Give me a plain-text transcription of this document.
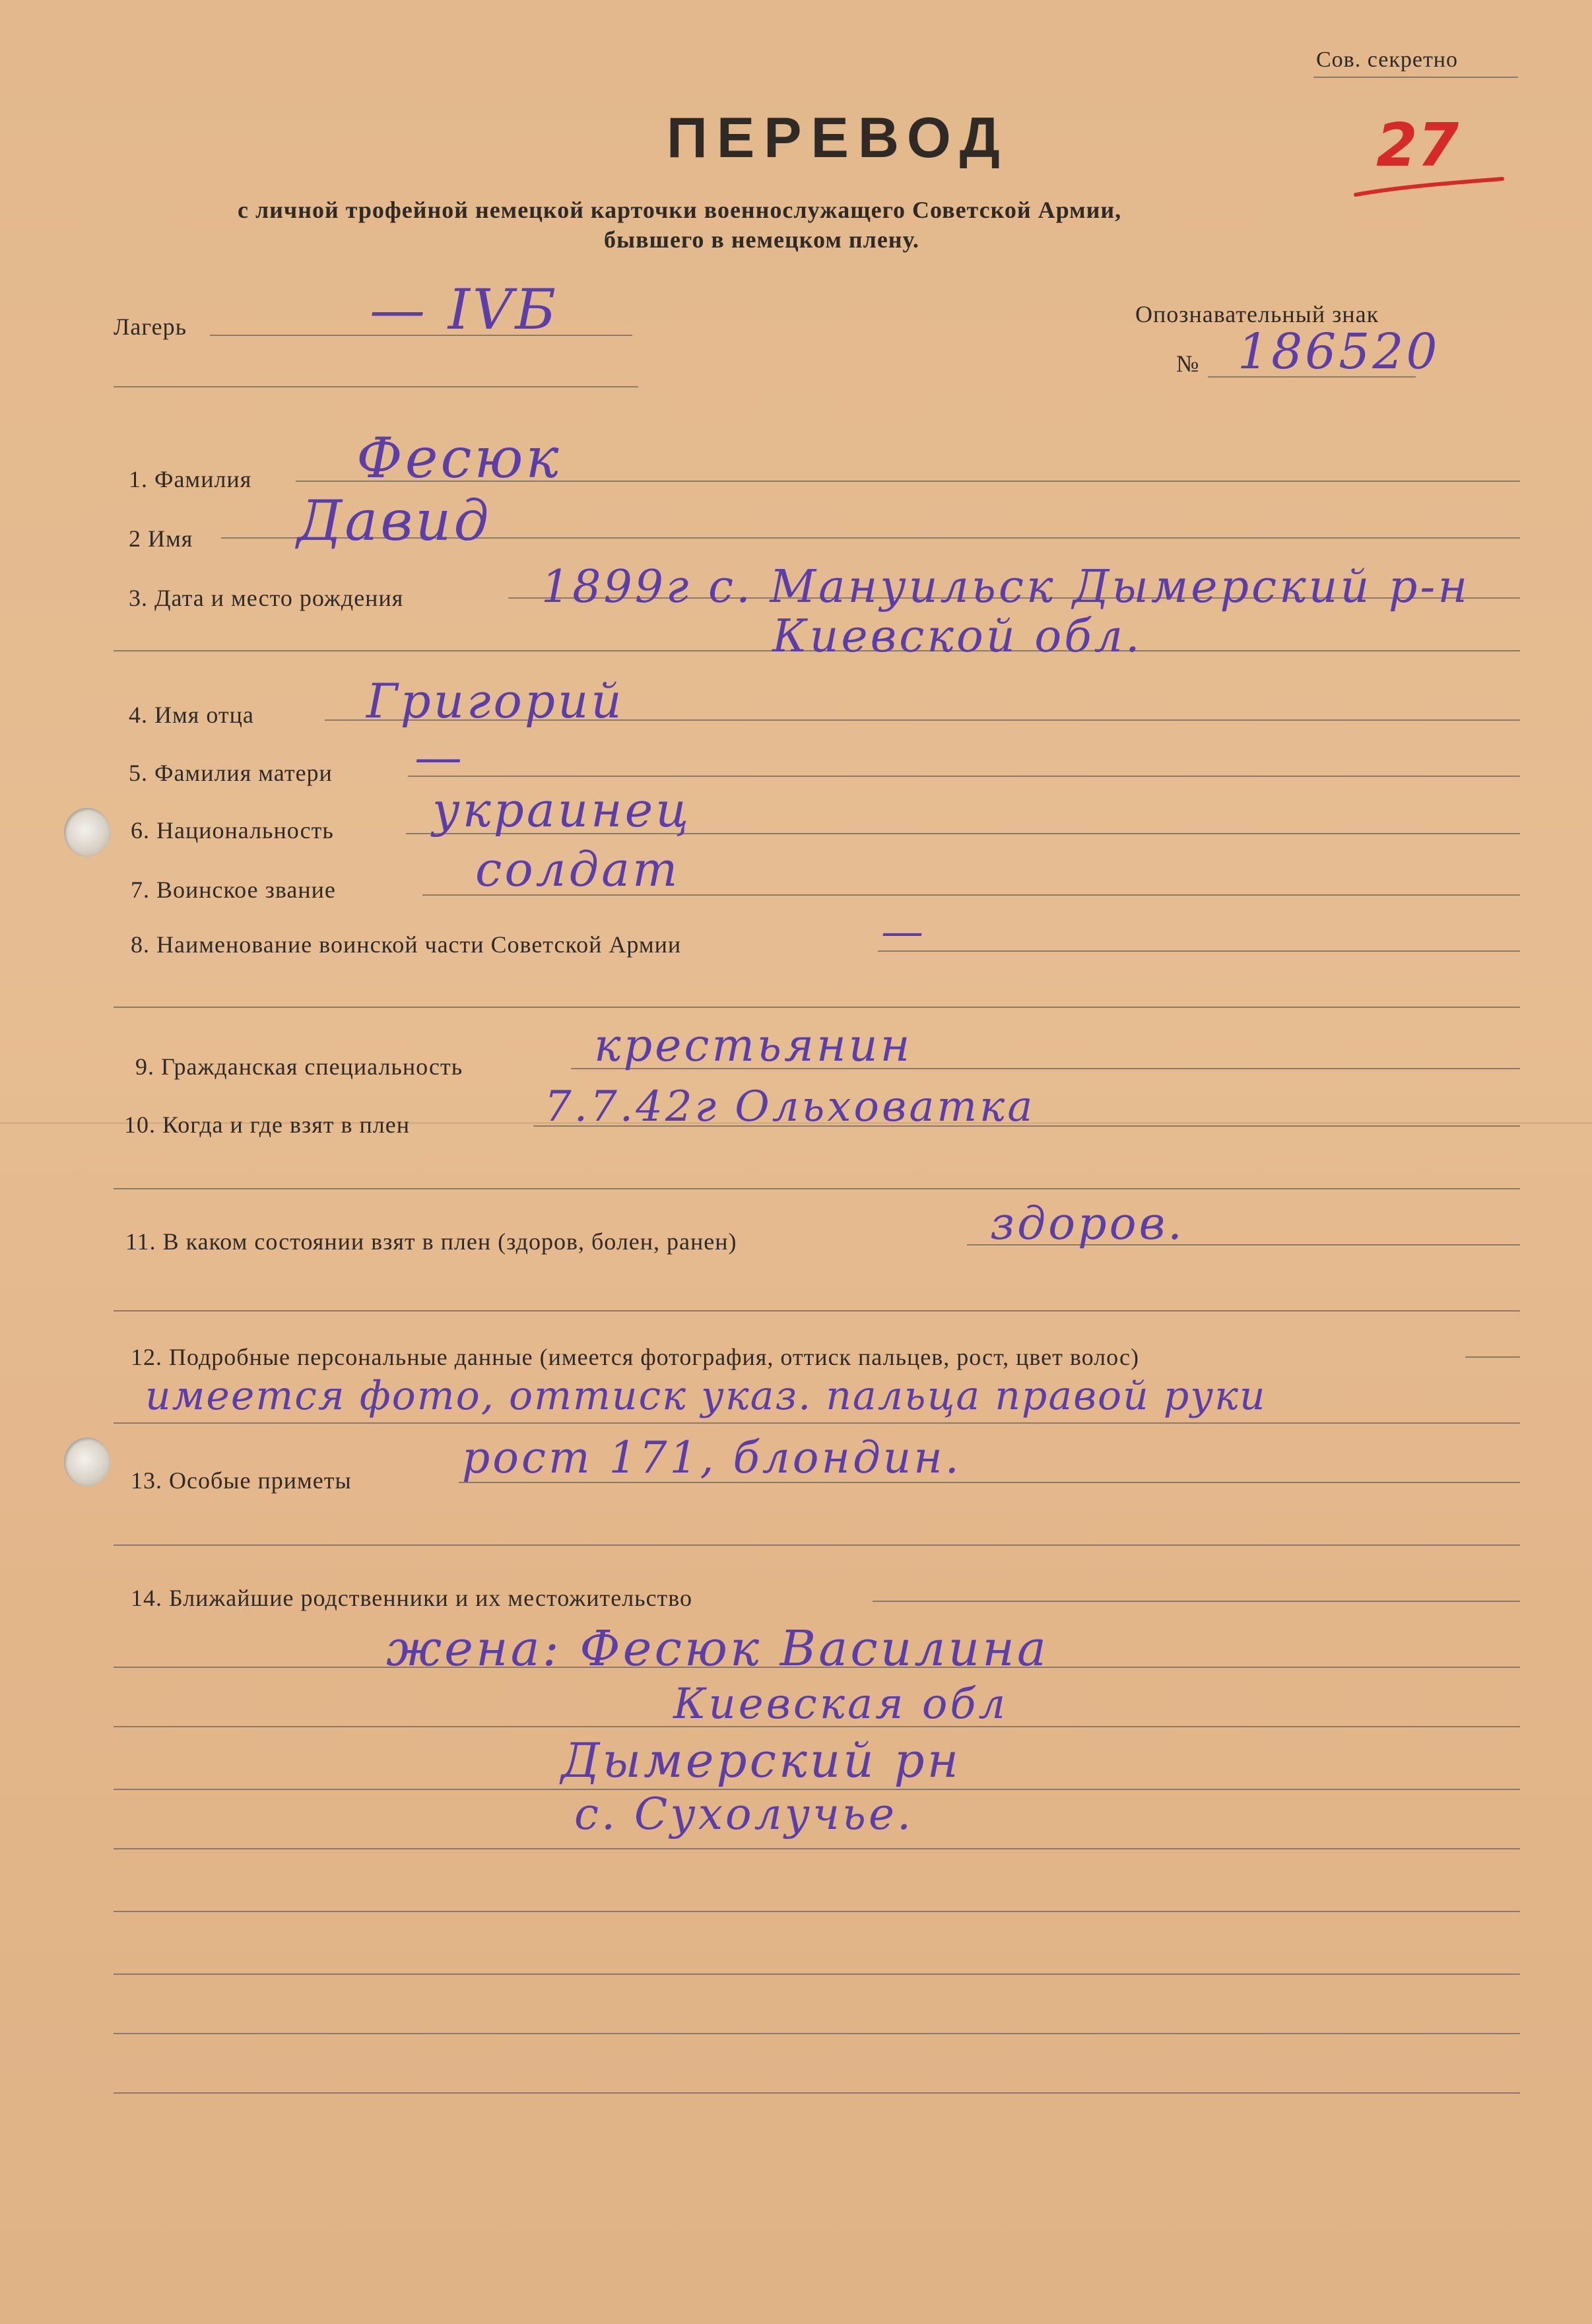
Сов. секретно
27
ПЕРЕВОД
с личной трофейной немецкой карточки военнослужащего Советской Армии,
бывшего в немецком плену.
Лагерь	— IVБ	Опознавательный знак
№ 186520
1. Фамилия Фесюк
2 Имя Давид
3. Дата и место рождения	1899г с. Мануильск Дымерский р-н
Киевской обл.
4. Имя отца Григорий
5. Фамилия матери —
6. Национальность украинец
7. Воинское звание	солдат
8. Наименование воинской части Советской Армии	—
9. Гражданская специальность	крестьянин
10. Когда и где взят в плен	7.7.42г Ольховатка
11. В каком состоянии взят в плен (здоров, болен, ранен)	здоров.
12. Подробные персональные данные (имеется фотография, оттиск пальцев, рост, цвет волос)
имеется фото, оттиск указ. пальца правой руки
13. Особые приметы	рост 171, блондин.
14. Ближайшие родственники и их местожительство
жена: Фесюк Василина
Киевская обл
Дымерский рн
с. Сухолучье.
